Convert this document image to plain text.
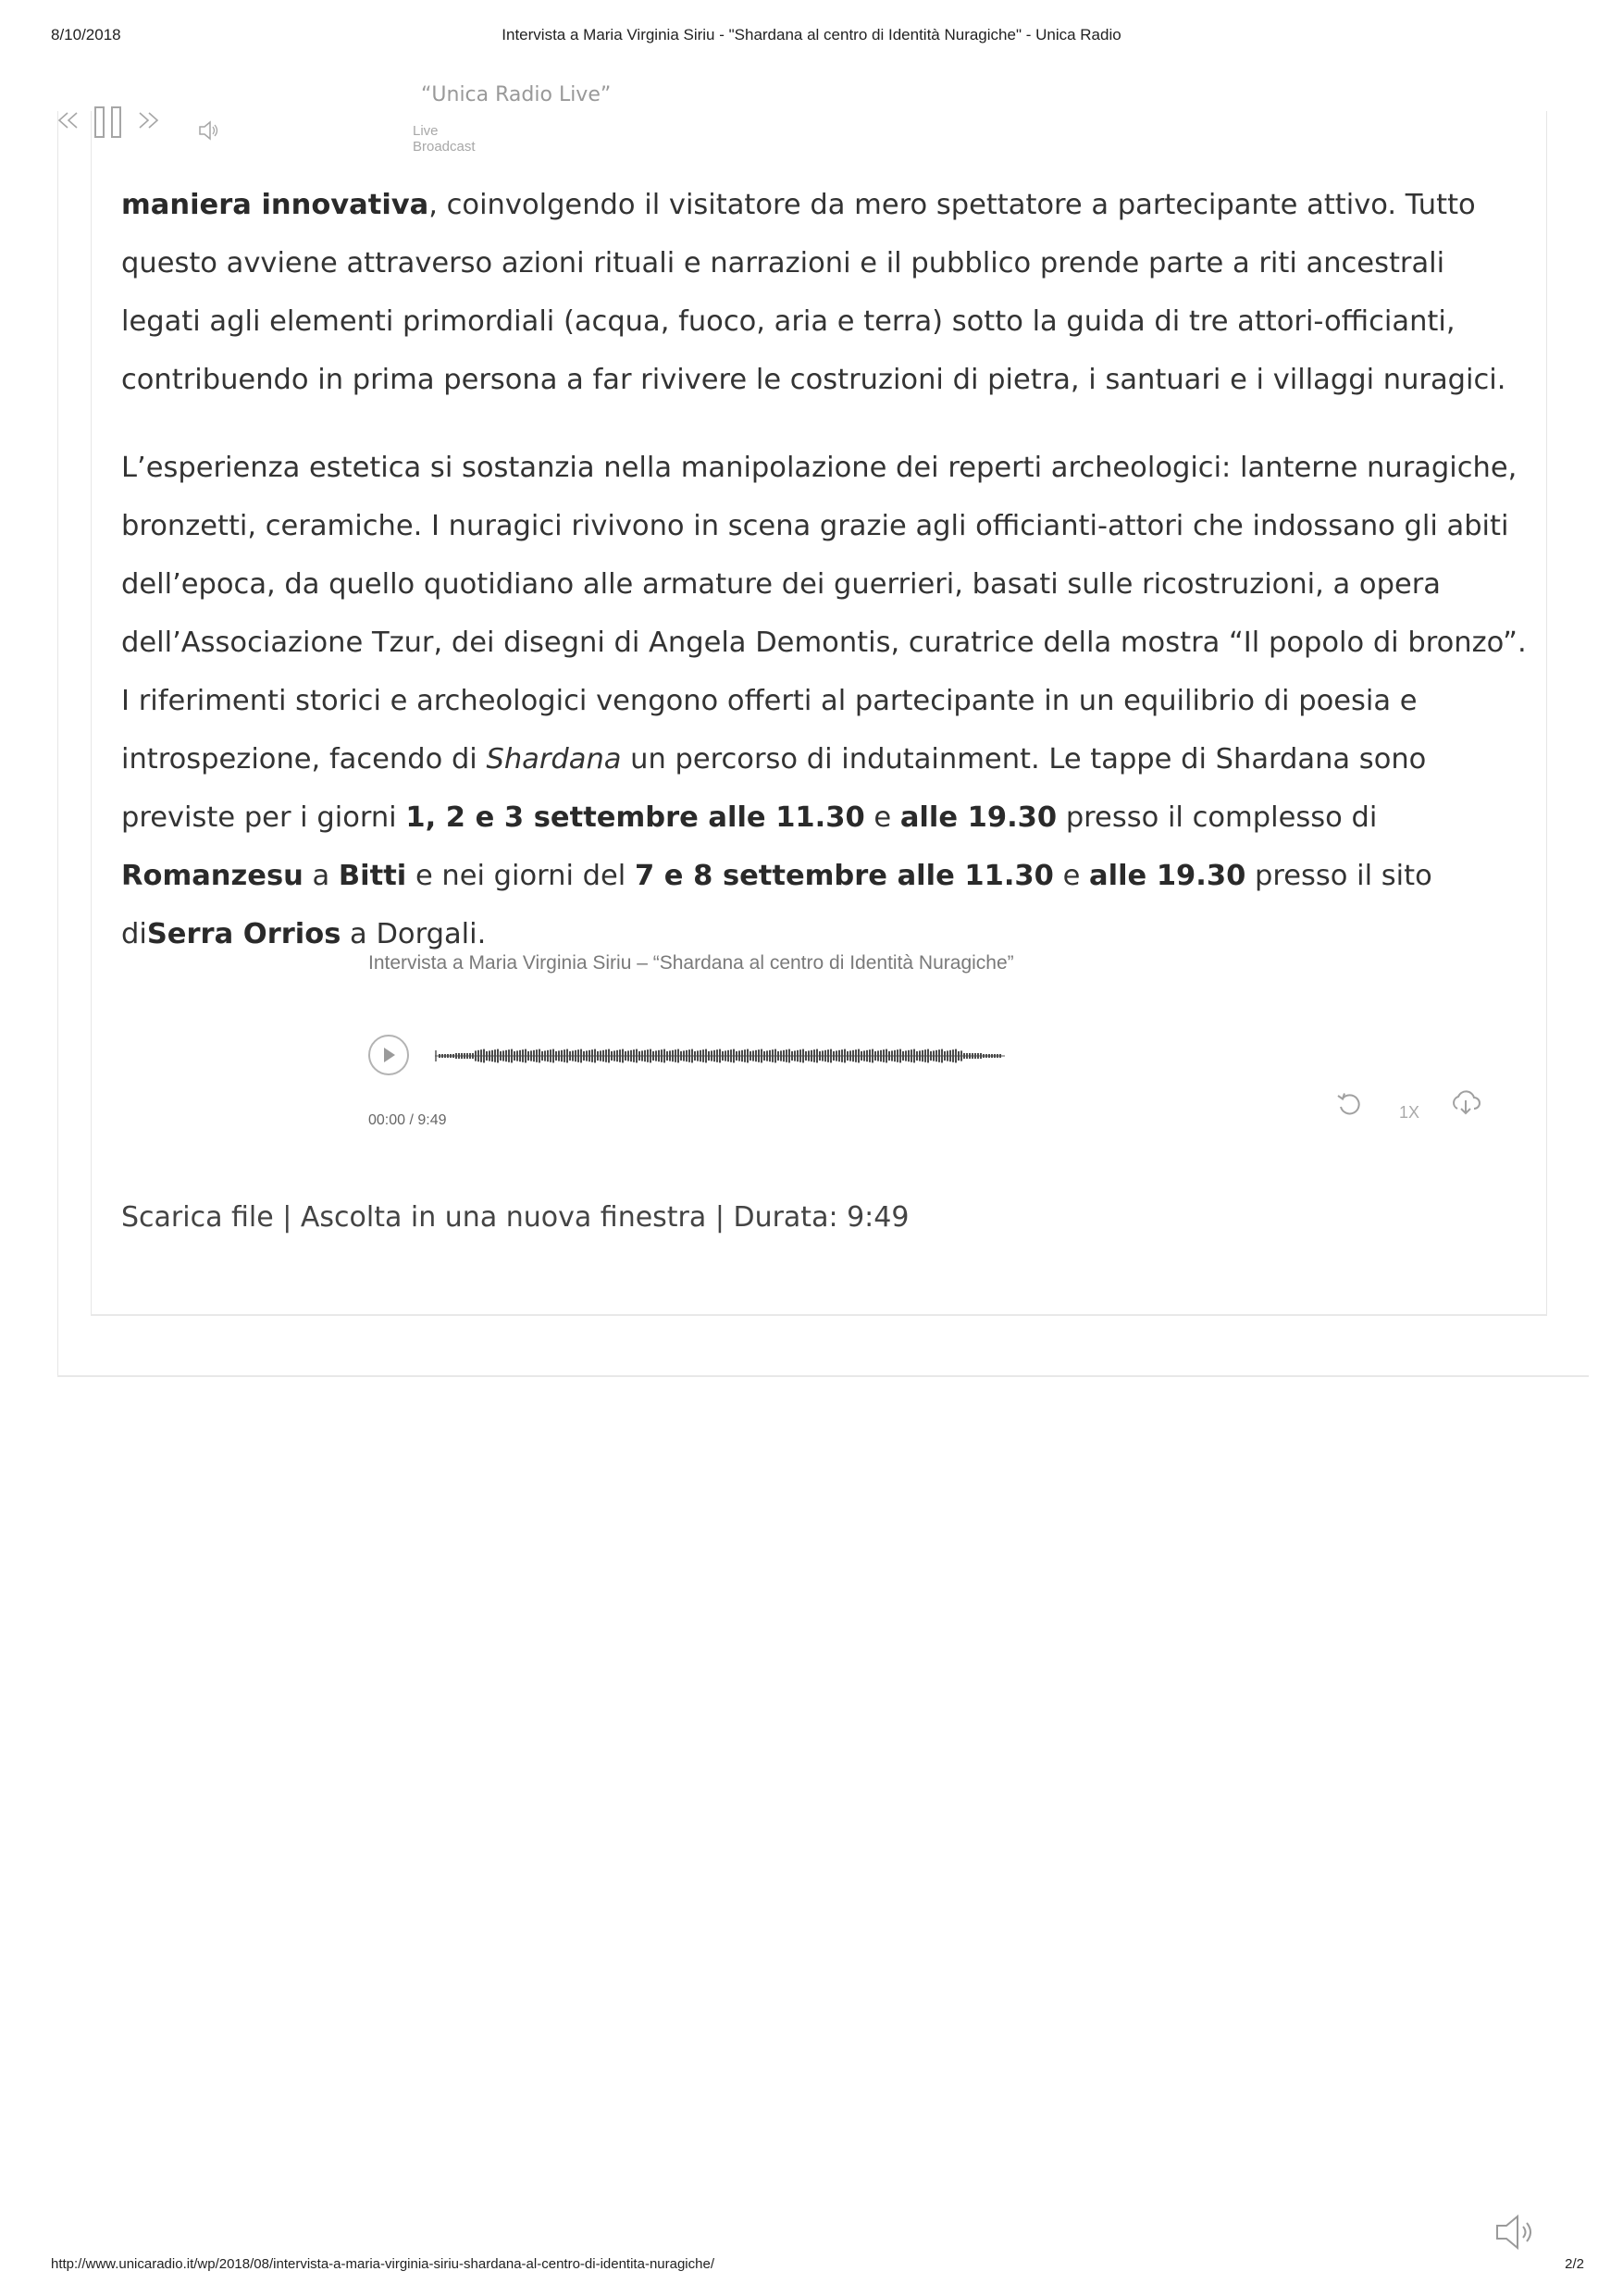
8/10/2018	Intervista a Maria Virginia Siriu - "Shardana al centro di Identità Nuragiche" - Unica Radio
“Unica Radio Live”
Live
Broadcast

maniera innovativa, coinvolgendo il visitatore da mero spettatore a partecipante attivo. Tutto questo avviene attraverso azioni rituali e narrazioni e il pubblico prende parte a riti ancestrali legati agli elementi primordiali (acqua, fuoco, aria e terra) sotto la guida di tre attori-officianti, contribuendo in prima persona a far rivivere le costruzioni di pietra, i santuari e i villaggi nuragici.

L’esperienza estetica si sostanzia nella manipolazione dei reperti archeologici: lanterne nuragiche, bronzetti, ceramiche. I nuragici rivivono in scena grazie agli officianti-attori che indossano gli abiti dell’epoca, da quello quotidiano alle armature dei guerrieri, basati sulle ricostruzioni, a opera dell’Associazione Tzur, dei disegni di Angela Demontis, curatrice della mostra “Il popolo di bronzo”. I riferimenti storici e archeologici vengono offerti al partecipante in un equilibrio di poesia e introspezione, facendo di Shardana un percorso di indutainment. Le tappe di Shardana sono previste per i giorni 1, 2 e 3 settembre alle 11.30 e alle 19.30 presso il complesso di Romanzesu a Bitti e nei giorni del 7 e 8 settembre alle 11.30 e alle 19.30 presso il sito diSerra Orrios a Dorgali.

Intervista a Maria Virginia Siriu – “Shardana al centro di Identità Nuragiche”
00:00 / 9:49	1X
Scarica file | Ascolta in una nuova finestra | Durata: 9:49
http://www.unicaradio.it/wp/2018/08/intervista-a-maria-virginia-siriu-shardana-al-centro-di-identita-nuragiche/	2/2
